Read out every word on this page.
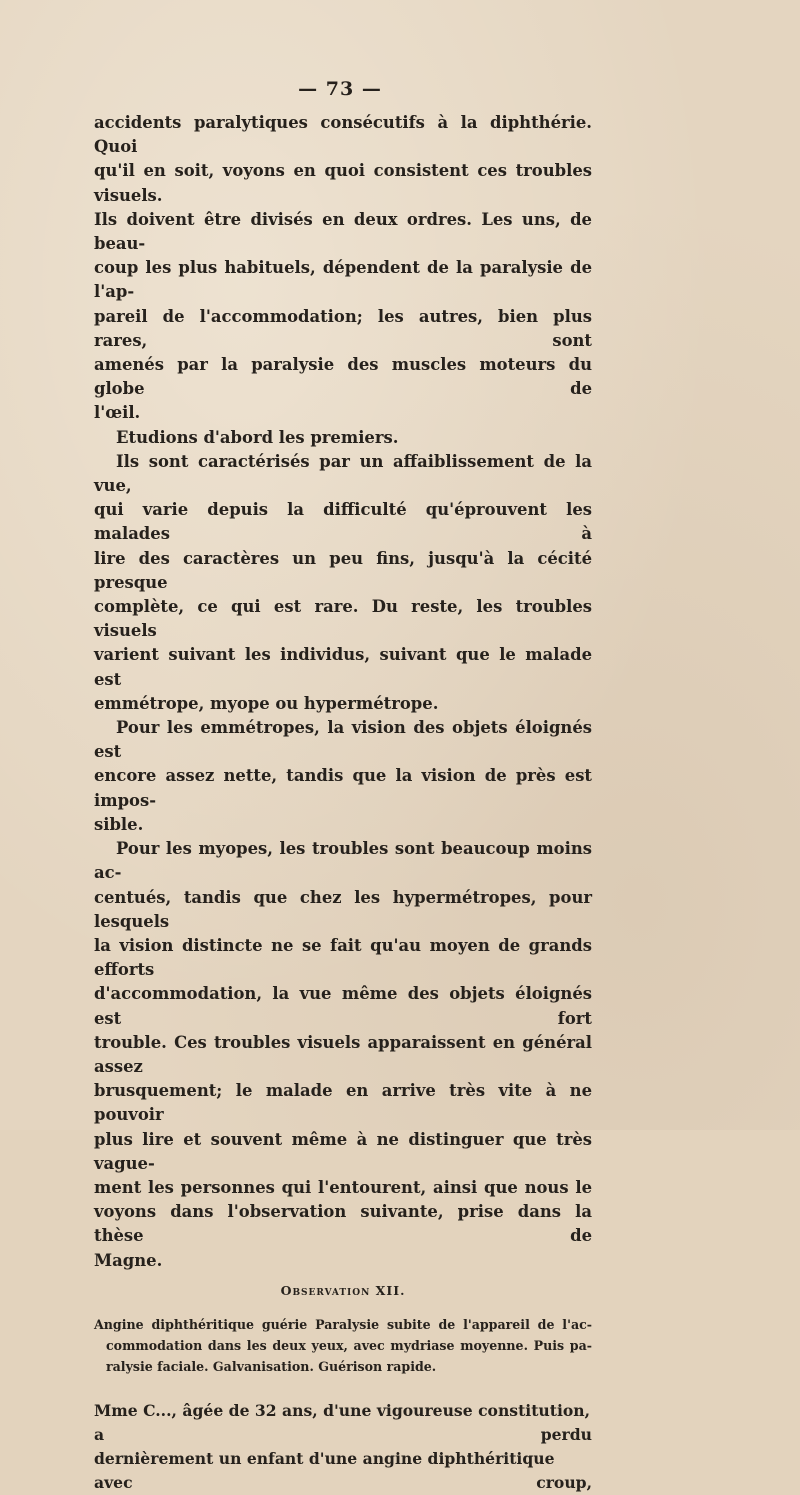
— 73 —
accidents paralytiques consécutifs à la diphthérie. Quoi
qu'il en soit, voyons en quoi consistent ces troubles visuels.
Ils doivent être divisés en deux ordres. Les uns, de beau-
coup les plus habituels, dépendent de la paralysie de l'ap-
pareil de l'accommodation; les autres, bien plus rares, sont
amenés par la paralysie des muscles moteurs du globe de
l'œil.
Etudions d'abord les premiers.
Ils sont caractérisés par un affaiblissement de la vue,
qui varie depuis la difficulté qu'éprouvent les malades à
lire des caractères un peu fins, jusqu'à la cécité presque
complète, ce qui est rare. Du reste, les troubles visuels
varient suivant les individus, suivant que le malade est
emmétrope, myope ou hypermétrope.
Pour les emmétropes, la vision des objets éloignés est
encore assez nette, tandis que la vision de près est impos-
sible.
Pour les myopes, les troubles sont beaucoup moins ac-
centués, tandis que chez les hypermétropes, pour lesquels
la vision distincte ne se fait qu'au moyen de grands efforts
d'accommodation, la vue même des objets éloignés est fort
trouble. Ces troubles visuels apparaissent en général assez
brusquement; le malade en arrive très vite à ne pouvoir
plus lire et souvent même à ne distinguer que très vague-
ment les personnes qui l'entourent, ainsi que nous le
voyons dans l'observation suivante, prise dans la thèse de
Magne.
Observation XII.
Angine diphthéritique guérie Paralysie subite de l'appareil de l'ac-
commodation dans les deux yeux, avec mydriase moyenne. Puis pa-
ralysie faciale. Galvanisation. Guérison rapide.
Mme C..., âgée de 32 ans, d'une vigoureuse constitution, a perdu
dernièrement un enfant d'une angine diphthéritique avec croup,
